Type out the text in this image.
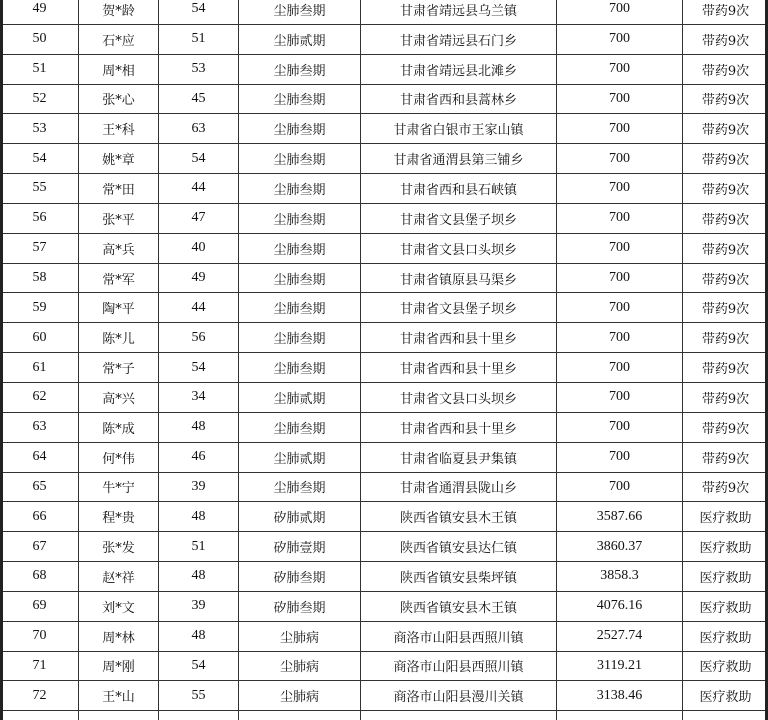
49	贺*龄	54	尘肺叁期	甘肃省靖远县乌兰镇	700	带药9次
50	石*应	51	尘肺贰期	甘肃省靖远县石门乡	700	带药9次
51	周*相	53	尘肺叁期	甘肃省靖远县北滩乡	700	带药9次
52	张*心	45	尘肺叁期	甘肃省西和县蒿林乡	700	带药9次
53	王*科	63	尘肺叁期	甘肃省白银市王家山镇	700	带药9次
54	姚*章	54	尘肺叁期	甘肃省通渭县第三铺乡	700	带药9次
55	常*田	44	尘肺叁期	甘肃省西和县石峡镇	700	带药9次
56	张*平	47	尘肺叁期	甘肃省文县堡子坝乡	700	带药9次
57	高*兵	40	尘肺叁期	甘肃省文县口头坝乡	700	带药9次
58	常*军	49	尘肺叁期	甘肃省镇原县马渠乡	700	带药9次
59	陶*平	44	尘肺叁期	甘肃省文县堡子坝乡	700	带药9次
60	陈*儿	56	尘肺叁期	甘肃省西和县十里乡	700	带药9次
61	常*子	54	尘肺叁期	甘肃省西和县十里乡	700	带药9次
62	高*兴	34	尘肺贰期	甘肃省文县口头坝乡	700	带药9次
63	陈*成	48	尘肺叁期	甘肃省西和县十里乡	700	带药9次
64	何*伟	46	尘肺贰期	甘肃省临夏县尹集镇	700	带药9次
65	牛*宁	39	尘肺叁期	甘肃省通渭县陇山乡	700	带药9次
66	程*贵	48	矽肺贰期	陕西省镇安县木王镇	3587.66	医疗救助
67	张*发	51	矽肺壹期	陕西省镇安县达仁镇	3860.37	医疗救助
68	赵*祥	48	矽肺叁期	陕西省镇安县柴坪镇	3858.3	医疗救助
69	刘*文	39	矽肺叁期	陕西省镇安县木王镇	4076.16	医疗救助
70	周*林	48	尘肺病	商洛市山阳县西照川镇	2527.74	医疗救助
71	周*刚	54	尘肺病	商洛市山阳县西照川镇	3119.21	医疗救助
72	王*山	55	尘肺病	商洛市山阳县漫川关镇	3138.46	医疗救助
